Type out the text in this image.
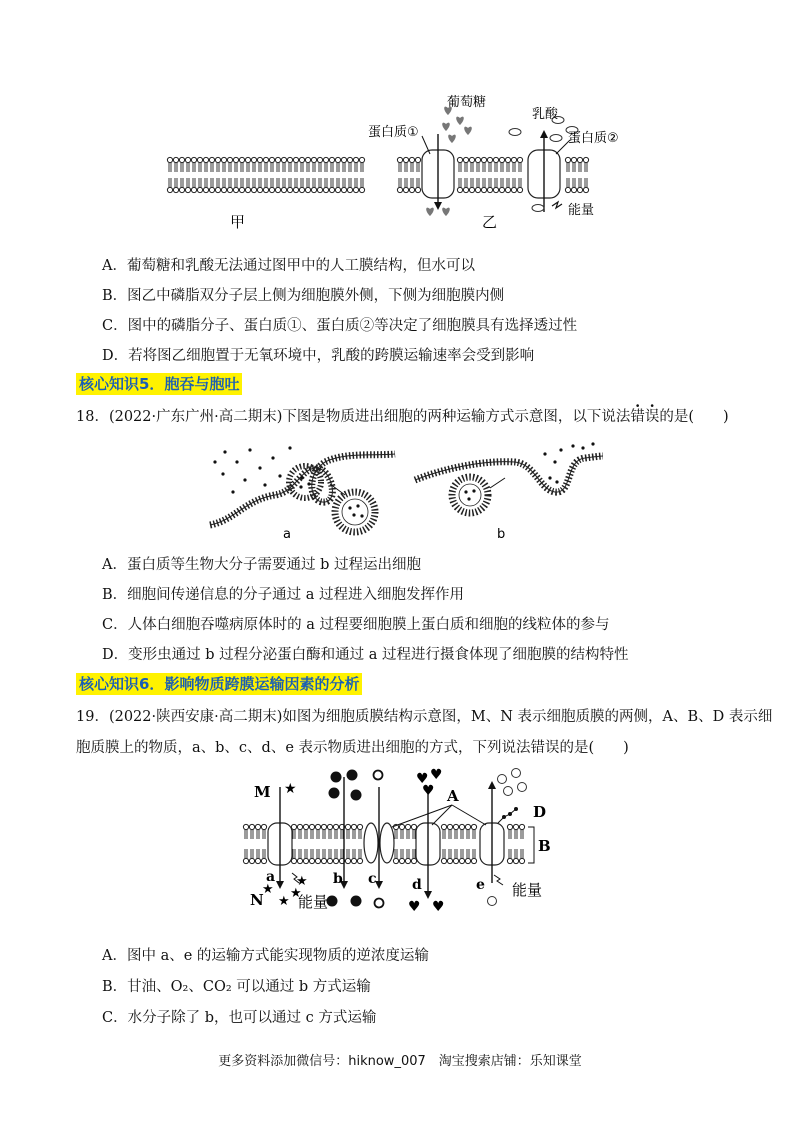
甲
葡萄糖
乳酸
蛋白质①	蛋白质②
能量
乙
A．葡萄糖和乳酸无法通过图甲中的人工膜结构，但水可以
B．图乙中磷脂双分子层上侧为细胞膜外侧，下侧为细胞膜内侧
C．图中的磷脂分子、蛋白质①、蛋白质②等决定了细胞膜具有选择透过性
D．若将图乙细胞置于无氧环境中，乳酸的跨膜运输速率会受到影响
核心知识5．胞吞与胞吐
18．(2022·广东广州·高二期末)下图是物质进出细胞的两种运输方式示意图，以下说法错误的是(　　)
a	b
A．蛋白质等生物大分子需要通过 b 过程运出细胞
B．细胞间传递信息的分子通过 a 过程进入细胞发挥作用
C．人体白细胞吞噬病原体时的 a 过程要细胞膜上蛋白质和细胞的线粒体的参与
D．变形虫通过 b 过程分泌蛋白酶和通过 a 过程进行摄食体现了细胞膜的结构特性
核心知识6．影响物质跨膜运输因素的分析
19．(2022·陕西安康·高二期末)如图为细胞质膜结构示意图，M、N 表示细胞质膜的两侧，A、B、D 表示细
胞质膜上的物质，a、b、c、d、e 表示物质进出细胞的方式，下列说法错误的是(　　)
★
♥ ♥
♥
★
★
★
★
♥ ♥
M
N
A
B
D
a	b c	d	e
能量
能量
A．图中 a、e 的运输方式能实现物质的逆浓度运输
B．甘油、O₂、CO₂ 可以通过 b 方式运输
C．水分子除了 b，也可以通过 c 方式运输
更多资料添加微信号：hiknow_007　淘宝搜索店铺：乐知课堂
